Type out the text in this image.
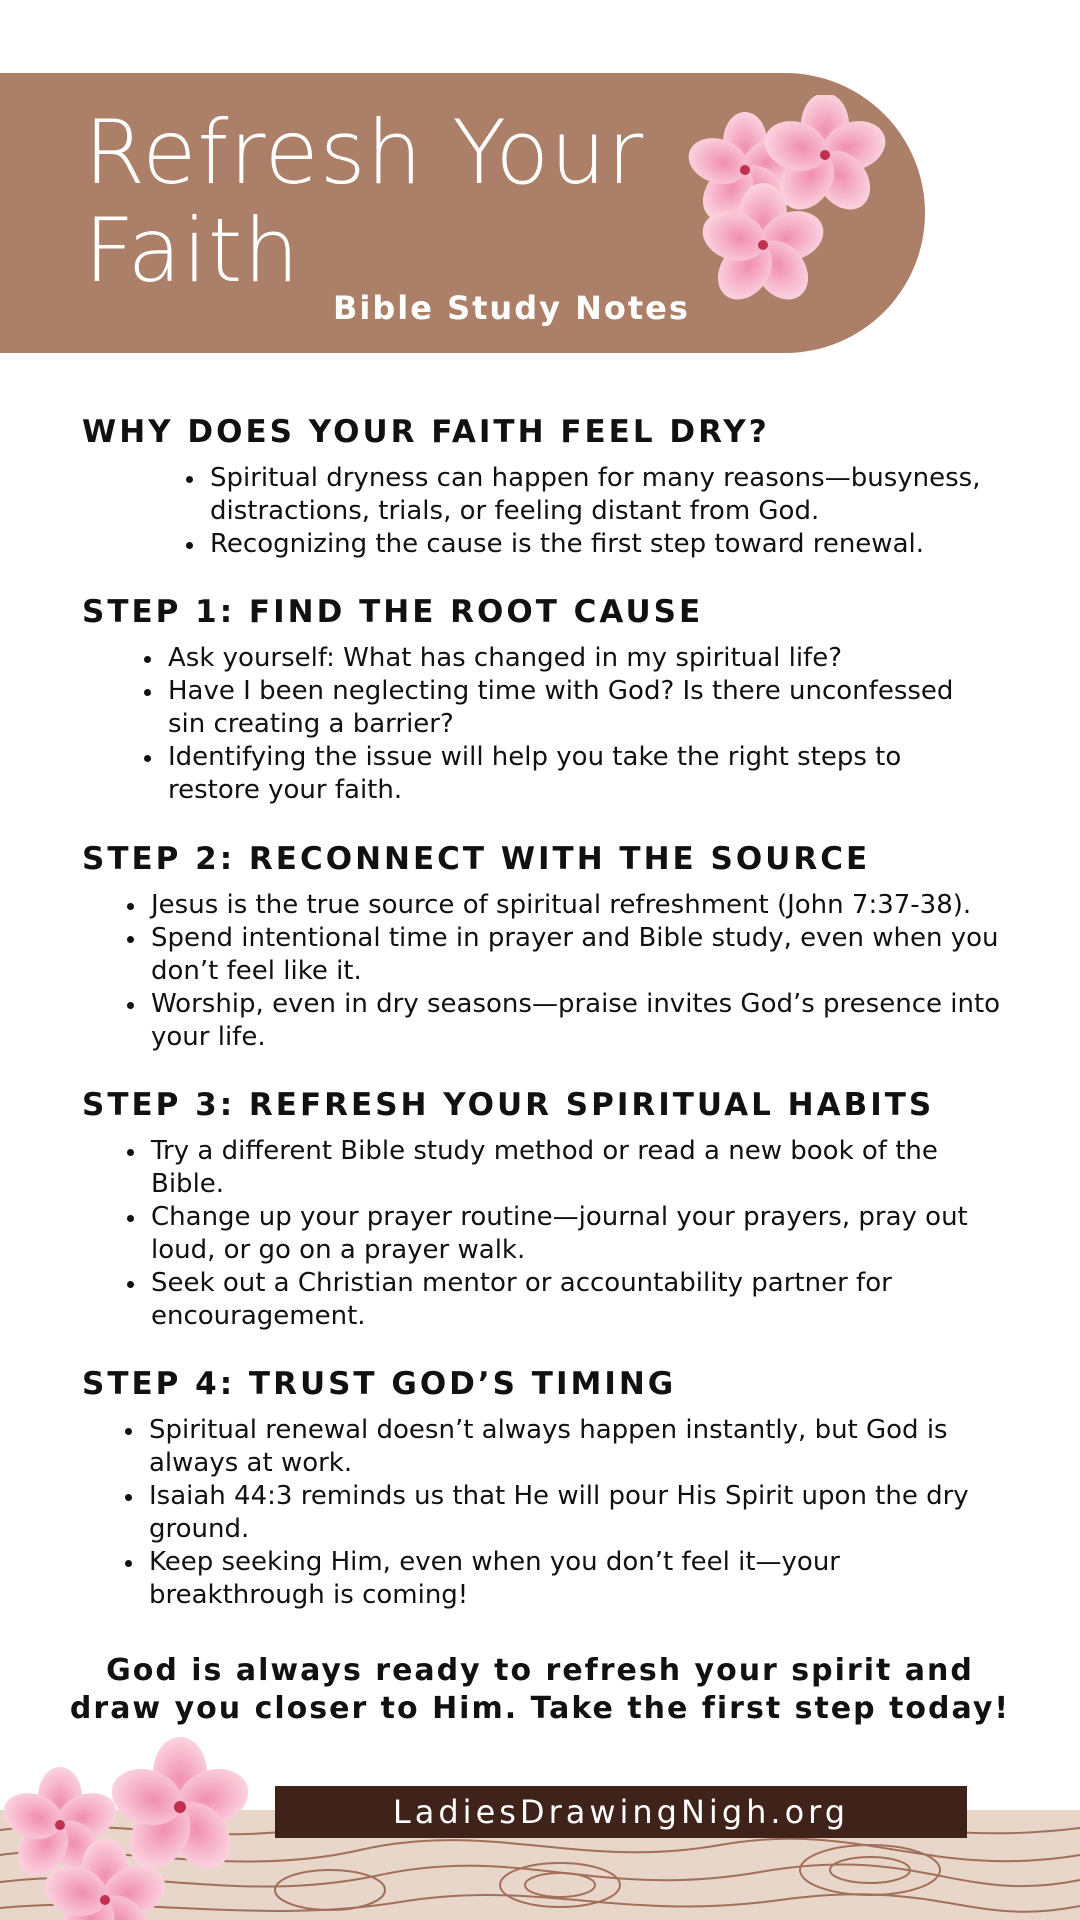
Refresh Your
Faith
Bible Study Notes
WHY DOES YOUR FAITH FEEL DRY?
Spiritual dryness can happen for many reasons—busyness, distractions, trials, or feeling distant from God.
Recognizing the cause is the first step toward renewal.
STEP 1: FIND THE ROOT CAUSE
Ask yourself: What has changed in my spiritual life?
Have I been neglecting time with God? Is there unconfessed sin creating a barrier?
Identifying the issue will help you take the right steps to restore your faith.
STEP 2: RECONNECT WITH THE SOURCE
Jesus is the true source of spiritual refreshment (John 7:37-38).
Spend intentional time in prayer and Bible study, even when you don’t feel like it.
Worship, even in dry seasons—praise invites God’s presence into your life.
STEP 3: REFRESH YOUR SPIRITUAL HABITS
Try a different Bible study method or read a new book of the Bible.
Change up your prayer routine—journal your prayers, pray out loud, or go on a prayer walk.
Seek out a Christian mentor or accountability partner for encouragement.
STEP 4: TRUST GOD’S TIMING
Spiritual renewal doesn’t always happen instantly, but God is always at work.
Isaiah 44:3 reminds us that He will pour His Spirit upon the dry ground.
Keep seeking Him, even when you don’t feel it—your breakthrough is coming!
God is always ready to refresh your spirit and
draw you closer to Him. Take the first step today!
LadiesDrawingNigh.org
